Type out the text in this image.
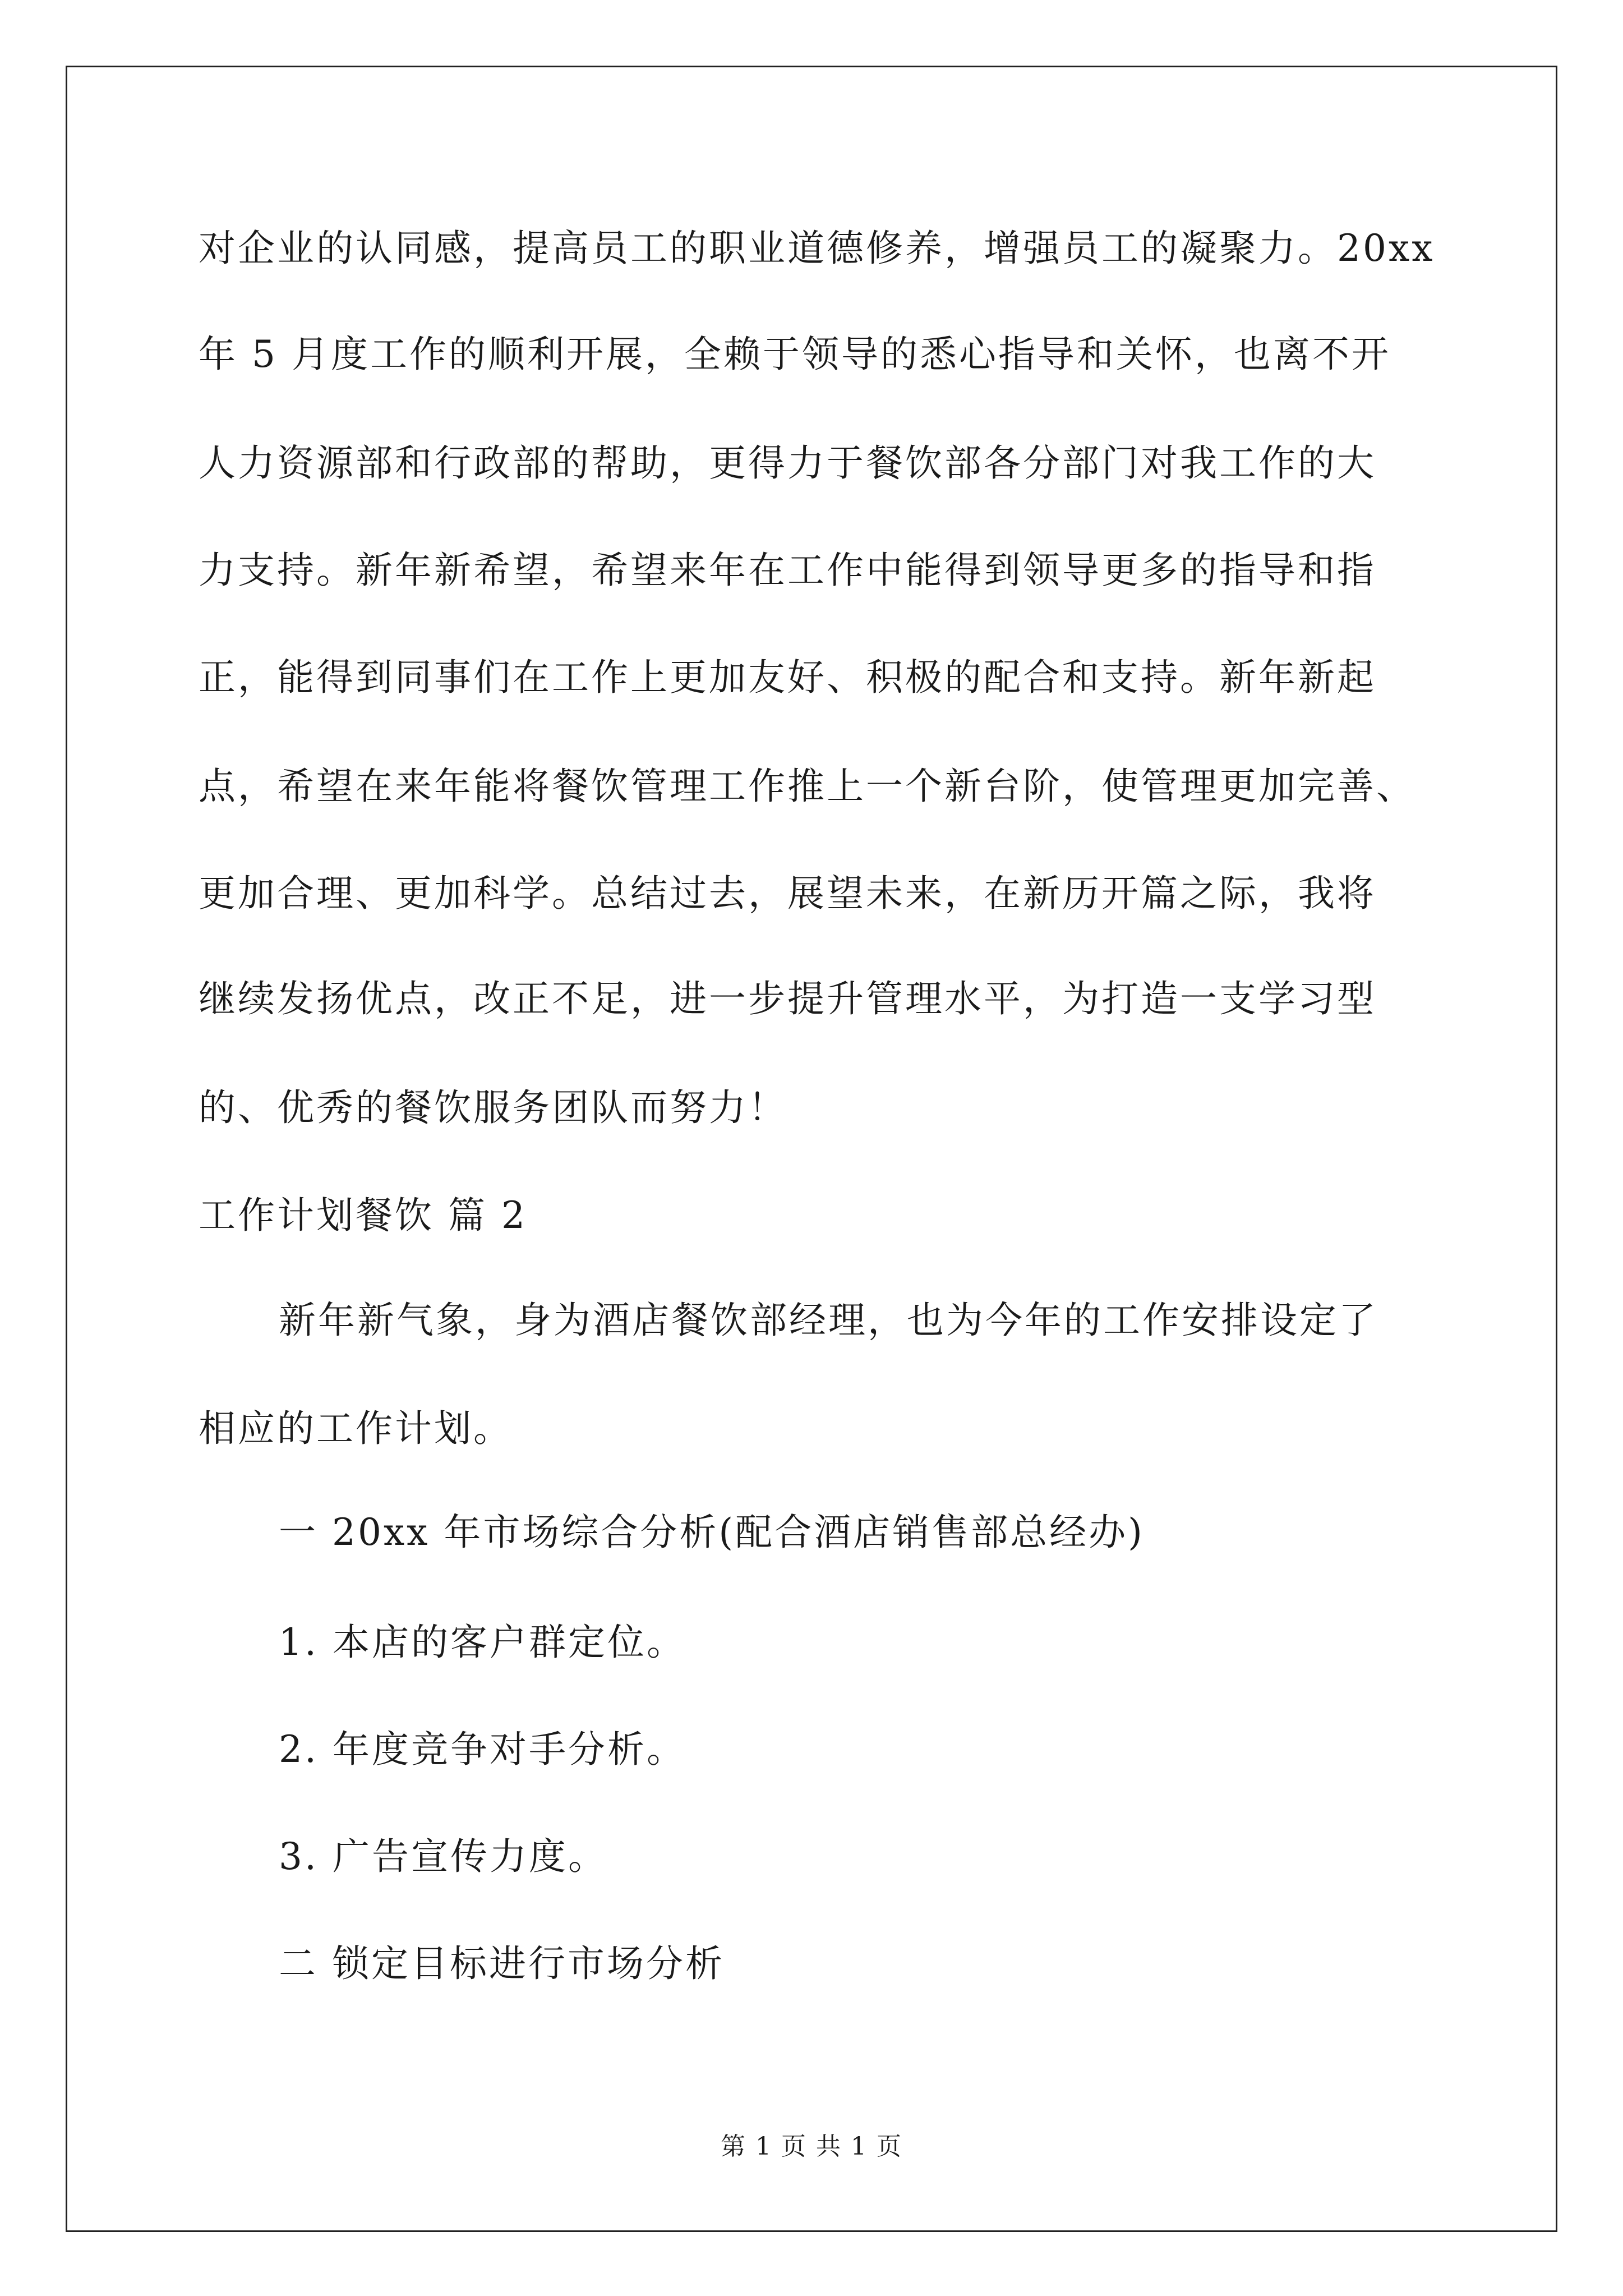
对企业的认同感，提高员工的职业道德修养，增强员工的凝聚力。20xx
年 5 月度工作的顺利开展，全赖于领导的悉心指导和关怀，也离不开
人力资源部和行政部的帮助，更得力于餐饮部各分部门对我工作的大
力支持。新年新希望，希望来年在工作中能得到领导更多的指导和指
正，能得到同事们在工作上更加友好、积极的配合和支持。新年新起
点，希望在来年能将餐饮管理工作推上一个新台阶，使管理更加完善、
更加合理、更加科学。总结过去，展望未来，在新历开篇之际，我将
继续发扬优点，改正不足，进一步提升管理水平，为打造一支学习型
的、优秀的餐饮服务团队而努力！
工作计划餐饮 篇 2
新年新气象，身为酒店餐饮部经理，也为今年的工作安排设定了
相应的工作计划。
一 20xx 年市场综合分析(配合酒店销售部总经办)
1. 本店的客户群定位。
2. 年度竞争对手分析。
3. 广告宣传力度。
二 锁定目标进行市场分析
第 1 页 共 1 页
